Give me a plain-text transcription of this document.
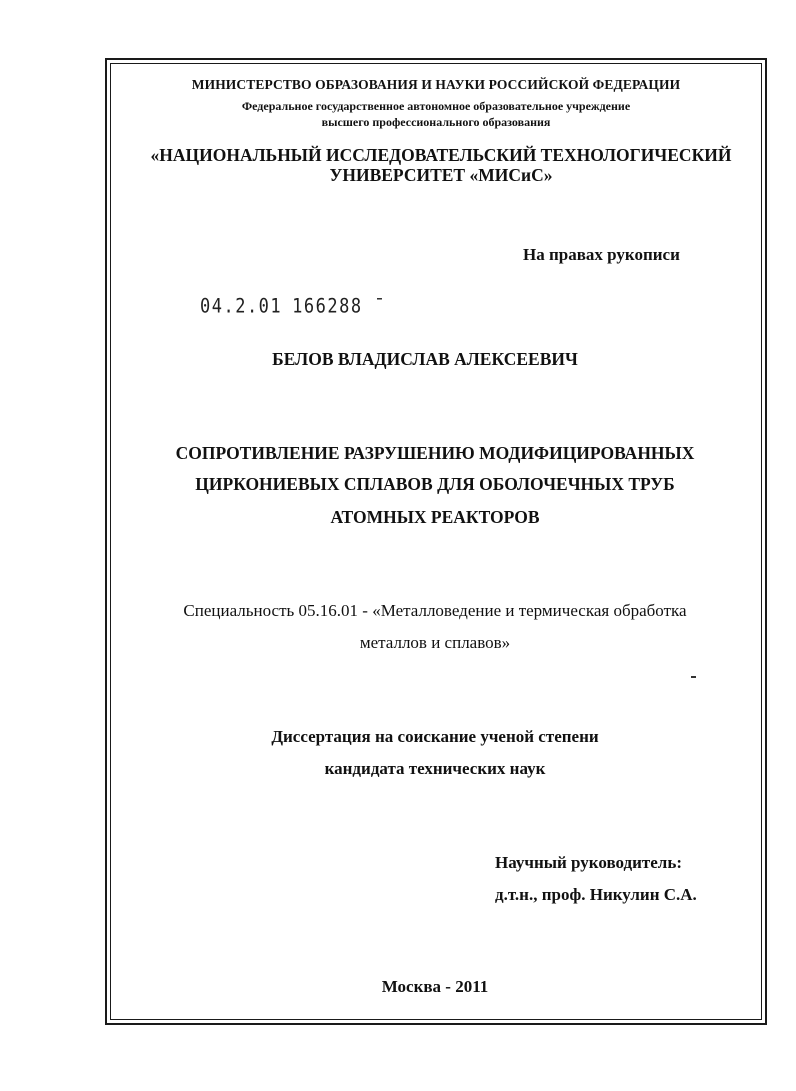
МИНИСТЕРСТВО ОБРАЗОВАНИЯ И НАУКИ РОССИЙСКОЙ ФЕДЕРАЦИИ
Федеральное государственное автономное образовательное учреждение
высшего профессионального образования
«НАЦИОНАЛЬНЫЙ ИССЛЕДОВАТЕЛЬСКИЙ ТЕХНОЛОГИЧЕСКИЙ
УНИВЕРСИТЕТ «МИСиС»
На правах рукописи
04.2.01 166288 ˉ
БЕЛОВ ВЛАДИСЛАВ АЛЕКСЕЕВИЧ
СОПРОТИВЛЕНИЕ РАЗРУШЕНИЮ МОДИФИЦИРОВАННЫХ
ЦИРКОНИЕВЫХ СПЛАВОВ ДЛЯ ОБОЛОЧЕЧНЫХ ТРУБ
АТОМНЫХ РЕАКТОРОВ
Специальность 05.16.01 - «Металловедение и термическая обработка
металлов и сплавов»
Диссертация на соискание ученой степени
кандидата технических наук
Научный руководитель:
д.т.н., проф. Никулин С.А.
Москва - 2011
